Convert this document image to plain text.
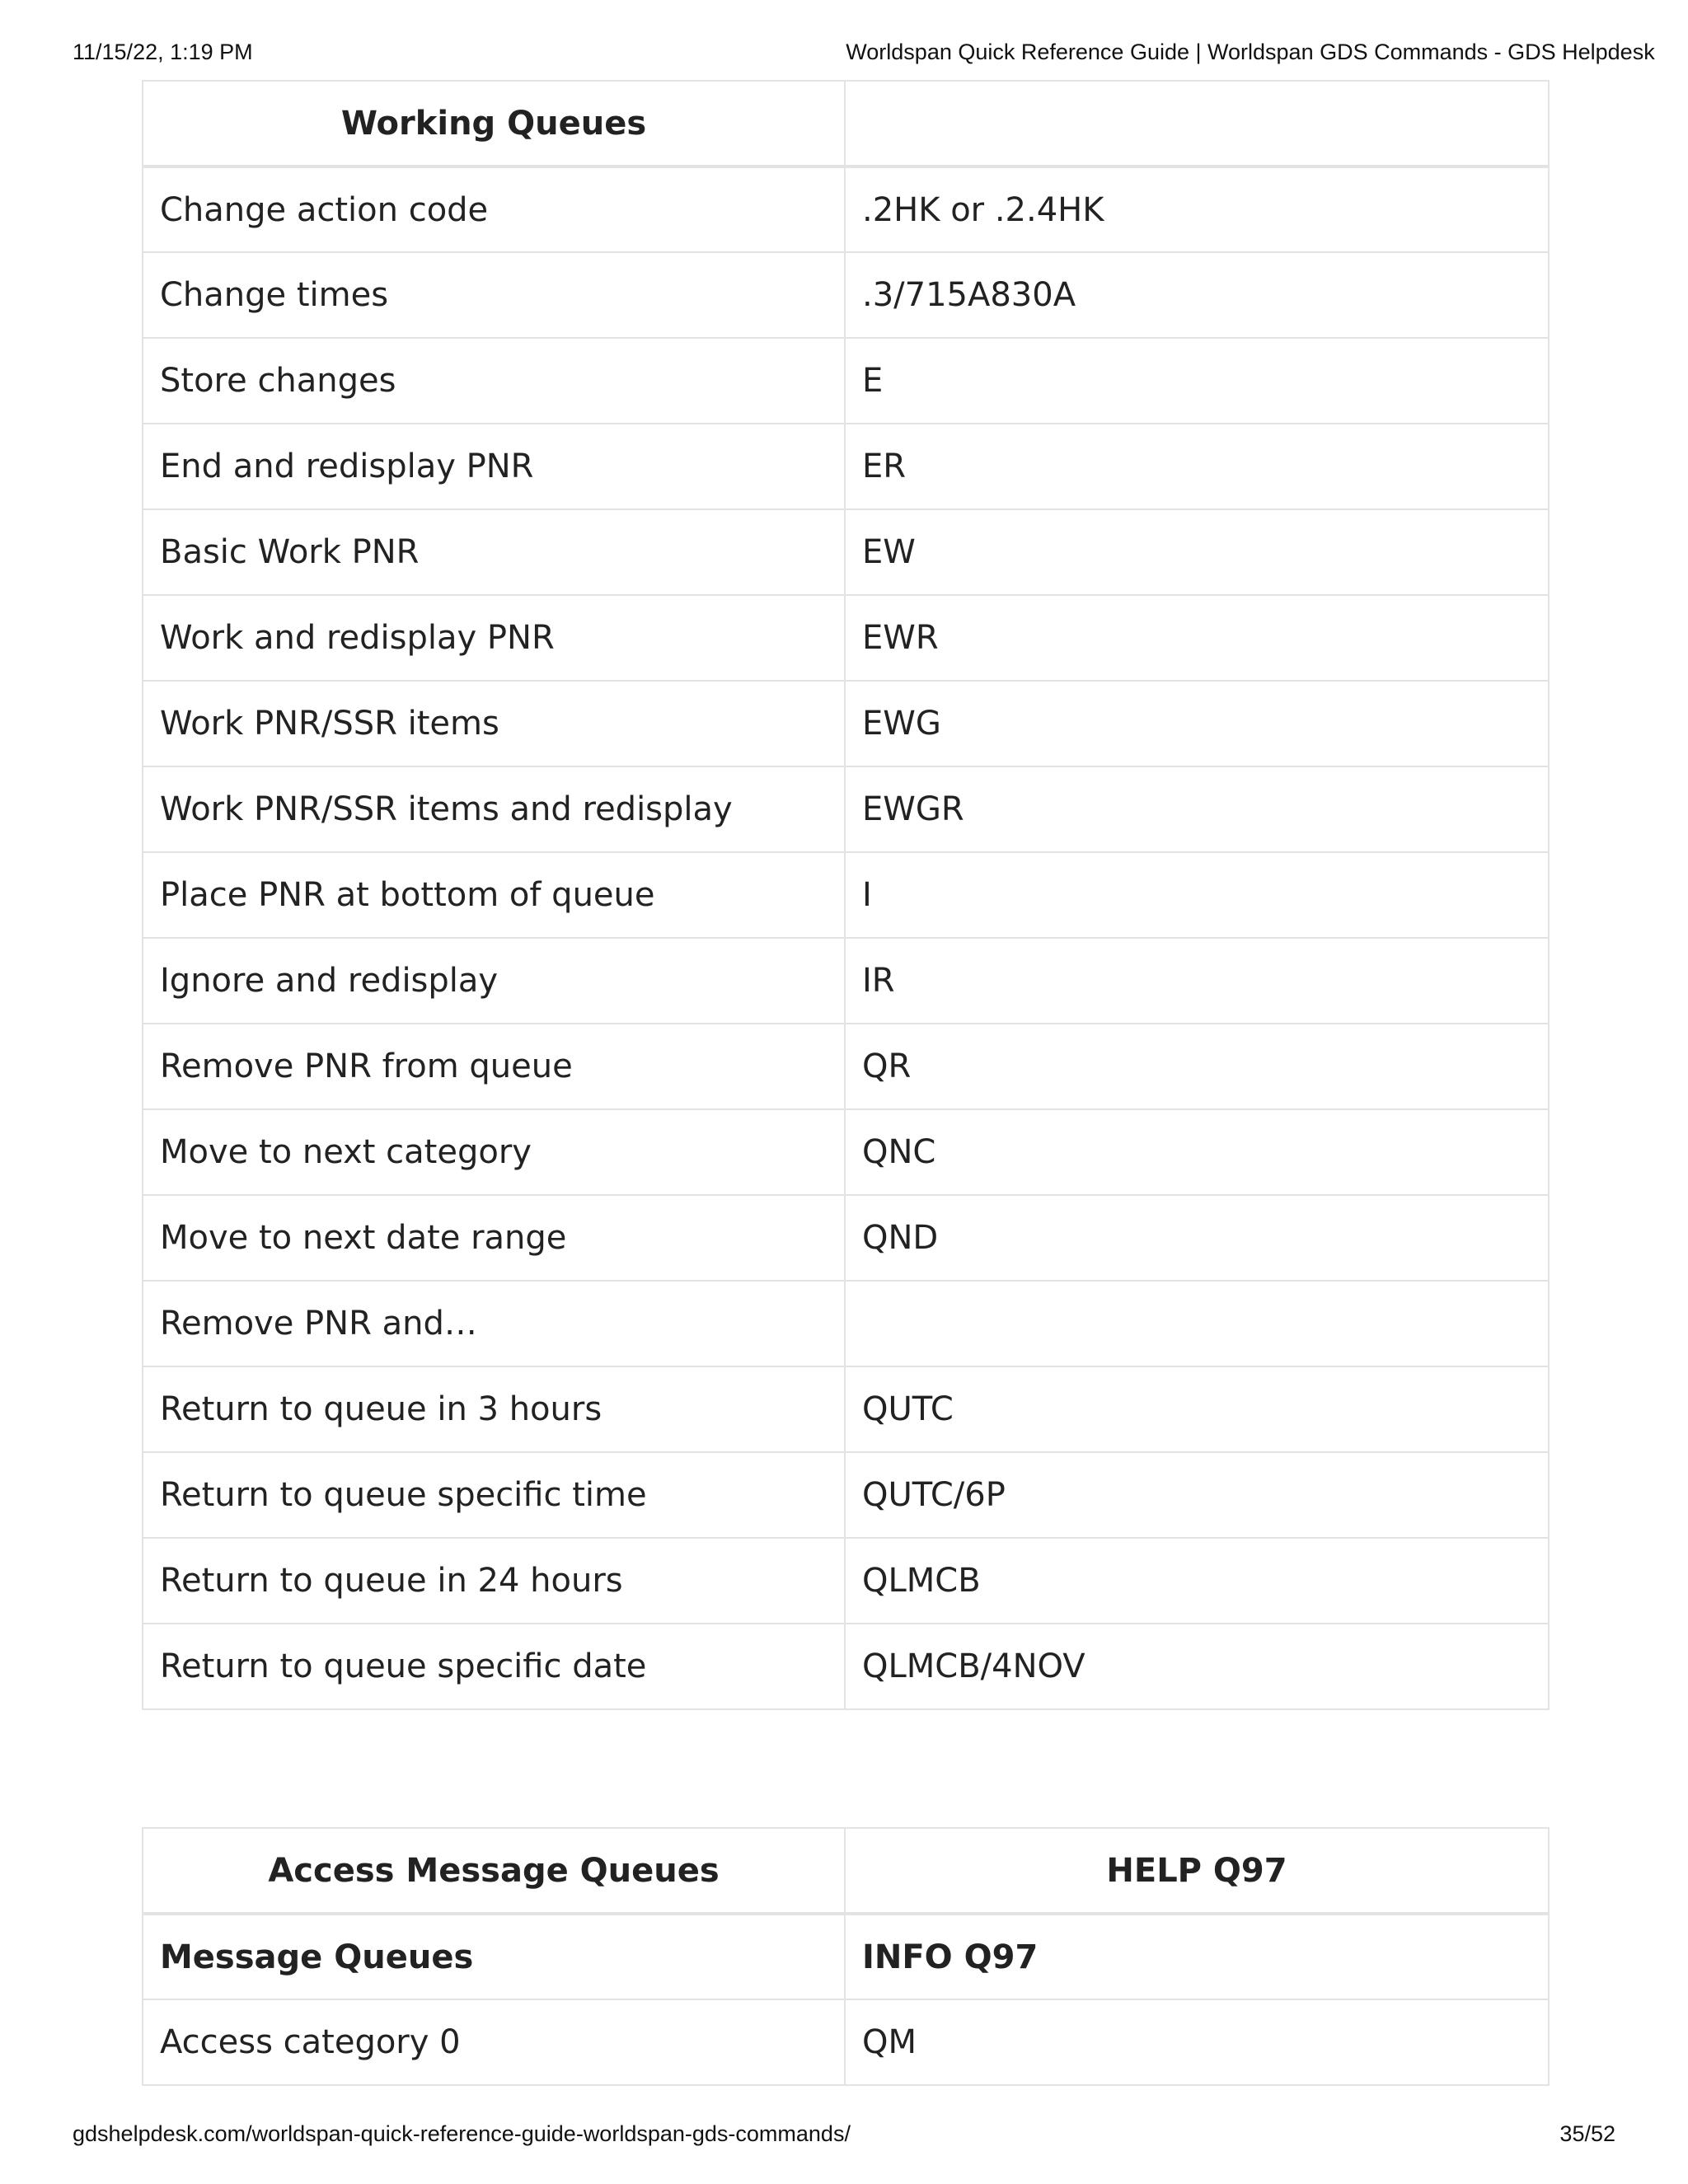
11/15/22, 1:19 PM	Worldspan Quick Reference Guide | Worldspan GDS Commands - GDS Helpdesk
Working Queues	
Change action code	.2HK or .2.4HK
Change times	.3/715A830A
Store changes	E
End and redisplay PNR	ER
Basic Work PNR	EW
Work and redisplay PNR	EWR
Work PNR/SSR items	EWG
Work PNR/SSR items and redisplay	EWGR
Place PNR at bottom of queue	I
Ignore and redisplay	IR
Remove PNR from queue	QR
Move to next category	QNC
Move to next date range	QND
Remove PNR and…	
Return to queue in 3 hours	QUTC
Return to queue specific time	QUTC/6P
Return to queue in 24 hours	QLMCB
Return to queue specific date	QLMCB/4NOV
Access Message Queues	HELP Q97
Message Queues	INFO Q97
Access category 0	QM
gdshelpdesk.com/worldspan-quick-reference-guide-worldspan-gds-commands/	35/52
